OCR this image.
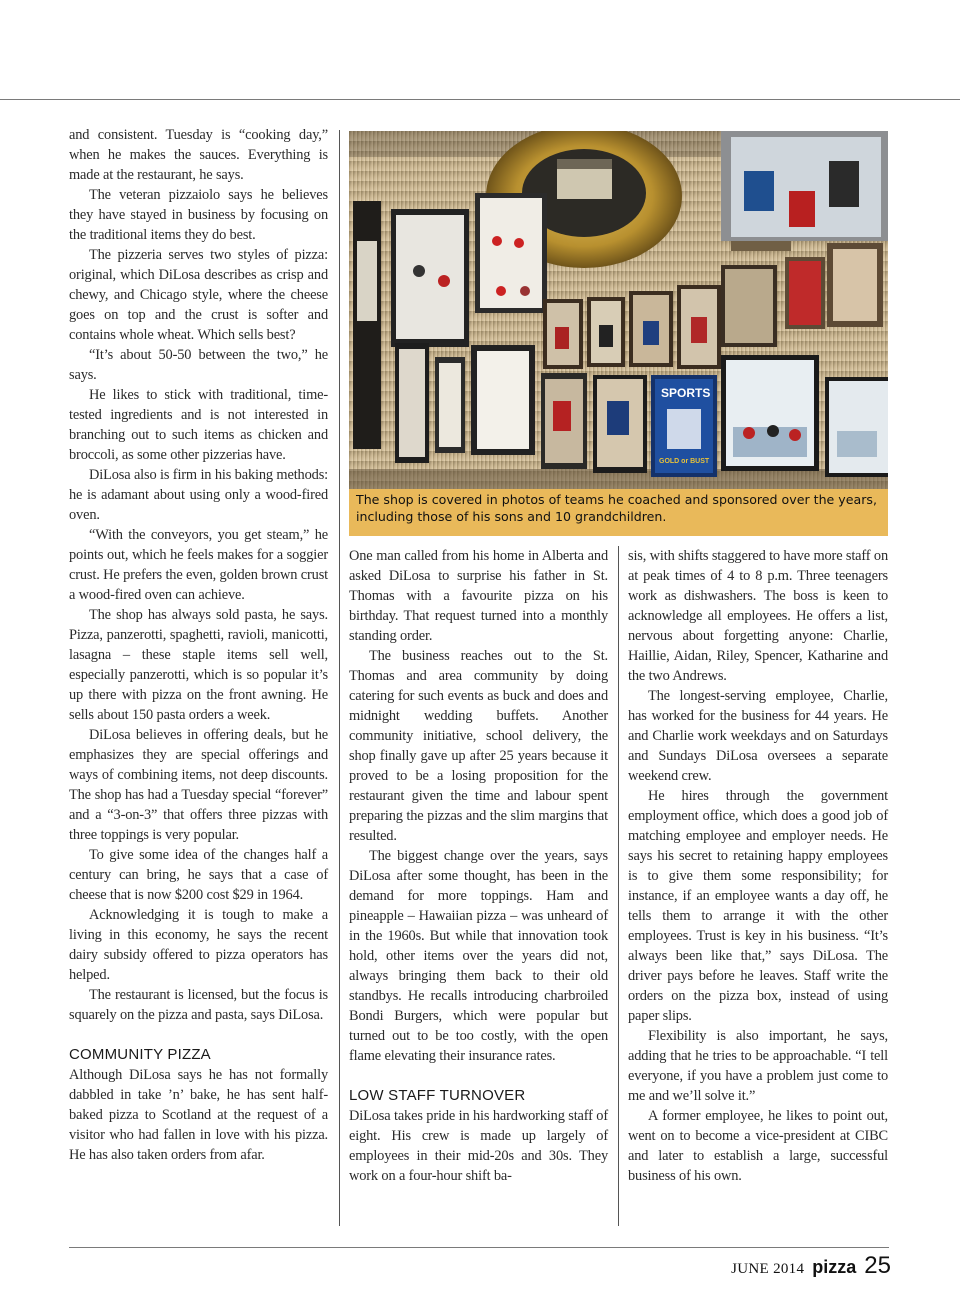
and consistent. Tuesday is “cooking day,” when he makes the sauces. Everything is made at the restaurant, he says.

The veteran pizzaiolo says he believes they have stayed in business by focusing on the traditional items they do best.

The pizzeria serves two styles of pizza: original, which DiLosa describes as crisp and chewy, and Chicago style, where the cheese goes on top and the crust is softer and contains whole wheat. Which sells best?

“It’s about 50-50 between the two,” he says.

He likes to stick with traditional, time-tested ingredients and is not interested in branching out to such items as chicken and broccoli, as some other pizzerias have.

DiLosa also is firm in his baking methods: he is adamant about using only a wood-fired oven.

“With the conveyors, you get steam,” he points out, which he feels makes for a soggier crust. He prefers the even, golden brown crust a wood-fired oven can achieve.

The shop has always sold pasta, he says. Pizza, panzerotti, spaghetti, ravioli, manicotti, lasagna – these staple items sell well, especially panzerotti, which is so popular it’s up there with pizza on the front awning. He sells about 150 pasta orders a week.

DiLosa believes in offering deals, but he emphasizes they are special offerings and ways of combining items, not deep discounts. The shop has had a Tuesday special “forever” and a “3-on-3” that offers three pizzas with three toppings is very popular.

To give some idea of the changes half a century can bring, he says that a case of cheese that is now $200 cost $29 in 1964.

Acknowledging it is tough to make a living in this economy, he says the recent dairy subsidy offered to pizza operators has helped.

The restaurant is licensed, but the focus is squarely on the pizza and pasta, says DiLosa.

COMMUNITY PIZZA

Although DiLosa says he has not formally dabbled in take ’n’ bake, he has sent half-baked pizza to Scotland at the request of a visitor who had fallen in love with his pizza. He has also taken orders from afar.

SPORTS
GOLD or BUST
The shop is covered in photos of teams he coached and sponsored over the years, including those of his sons and 10 grandchildren.

One man called from his home in Alberta and asked DiLosa to surprise his father in St. Thomas with a favourite pizza on his birthday. That request turned into a monthly standing order.

The business reaches out to the St. Thomas and area community by doing catering for such events as buck and does and midnight wedding buffets. Another community initiative, school delivery, the shop finally gave up after 25 years because it proved to be a losing proposition for the restaurant given the time and labour spent preparing the pizzas and the slim margins that resulted.

The biggest change over the years, says DiLosa after some thought, has been in the demand for more toppings. Ham and pineapple – Hawaiian pizza – was unheard of in the 1960s. But while that innovation took hold, other items over the years did not, always bringing them back to their old standbys. He recalls introducing charbroiled Bondi Burgers, which were popular but turned out to be too costly, with the open flame elevating their insurance rates.

LOW STAFF TURNOVER

DiLosa takes pride in his hardworking staff of eight. His crew is made up largely of employees in their mid-20s and 30s. They work on a four-hour shift ba-

sis, with shifts staggered to have more staff on at peak times of 4 to 8 p.m. Three teenagers work as dishwashers. The boss is keen to acknowledge all employees. He offers a list, nervous about forgetting anyone: Charlie, Haillie, Aidan, Riley, Spencer, Katharine and the two Andrews.

The longest-serving employee, Charlie, has worked for the business for 44 years. He and Charlie work weekdays and on Saturdays and Sundays DiLosa oversees a separate weekend crew.

He hires through the government employment office, which does a good job of matching employee and employer needs. He says his secret to retaining happy employees is to give them some responsibility; for instance, if an employee wants a day off, he tells them to arrange it with the other employees. Trust is key in his business. “It’s always been like that,” says DiLosa. The driver pays before he leaves. Staff write the orders on the pizza box, instead of using paper slips.

Flexibility is also important, he says, adding that he tries to be approachable. “I tell everyone, if you have a problem just come to me and we’ll solve it.”

A former employee, he likes to point out, went on to become a vice-president at CIBC and later to establish a large, successful business of his own.

JUNE 2014 pizza 25
